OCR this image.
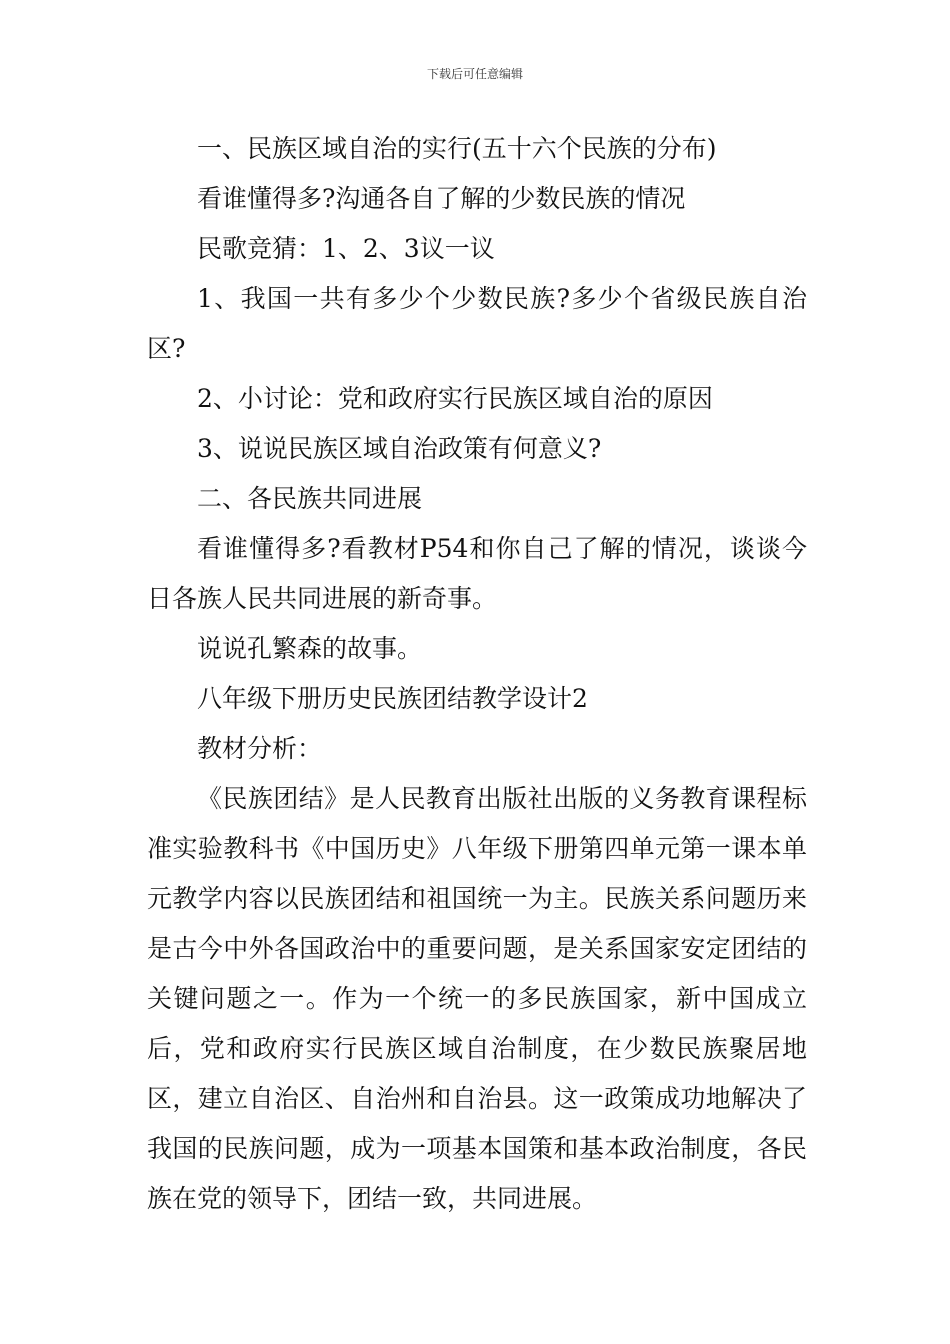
下载后可任意编辑

一、民族区域自治的实行(五十六个民族的分布)

看谁懂得多?沟通各自了解的少数民族的情况

民歌竞猜：1、2、3议一议

1、我国一共有多少个少数民族?多少个省级民族自治区?

2、小讨论：党和政府实行民族区域自治的原因

3、说说民族区域自治政策有何意义?

二、各民族共同进展

看谁懂得多?看教材P54和你自己了解的情况，谈谈今日各族人民共同进展的新奇事。

说说孔繁森的故事。

八年级下册历史民族团结教学设计2

教材分析：

《民族团结》是人民教育出版社出版的义务教育课程标准实验教科书《中国历史》八年级下册第四单元第一课本单元教学内容以民族团结和祖国统一为主。民族关系问题历来是古今中外各国政治中的重要问题，是关系国家安定团结的关键问题之一。作为一个统一的多民族国家，新中国成立后，党和政府实行民族区域自治制度，在少数民族聚居地区，建立自治区、自治州和自治县。这一政策成功地解决了我国的民族问题，成为一项基本国策和基本政治制度，各民族在党的领导下，团结一致，共同进展。
